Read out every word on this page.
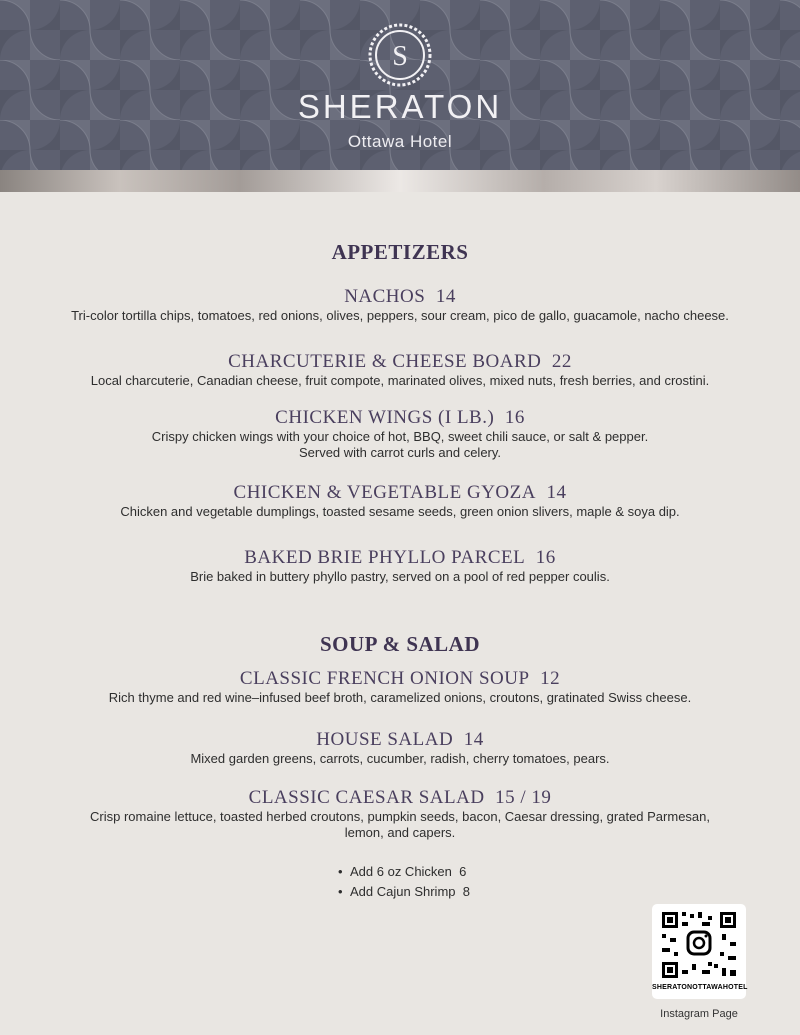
S
SHERATON
Ottawa Hotel
APPETIZERS
NACHOS 14
Tri-color tortilla chips, tomatoes, red onions, olives, peppers, sour cream, pico de gallo, guacamole, nacho cheese.
CHARCUTERIE & CHEESE BOARD 22
Local charcuterie, Canadian cheese, fruit compote, marinated olives, mixed nuts, fresh berries, and crostini.
CHICKEN WINGS (I LB.) 16
Crispy chicken wings with your choice of hot, BBQ, sweet chili sauce, or salt & pepper.
Served with carrot curls and celery.
CHICKEN & VEGETABLE GYOZA 14
Chicken and vegetable dumplings, toasted sesame seeds, green onion slivers, maple & soya dip.
BAKED BRIE PHYLLO PARCEL 16
Brie baked in buttery phyllo pastry, served on a pool of red pepper coulis.
SOUP & SALAD
CLASSIC FRENCH ONION SOUP 12
Rich thyme and red wine–infused beef broth, caramelized onions, croutons, gratinated Swiss cheese.
HOUSE SALAD 14
Mixed garden greens, carrots, cucumber, radish, cherry tomatoes, pears.
CLASSIC CAESAR SALAD 15 / 19
Crisp romaine lettuce, toasted herbed croutons, pumpkin seeds, bacon, Caesar dressing, grated Parmesan, lemon, and capers.
• Add 6 oz Chicken 6
• Add Cajun Shrimp 8
SHERATONOTTAWAHOTEL
Instagram Page
